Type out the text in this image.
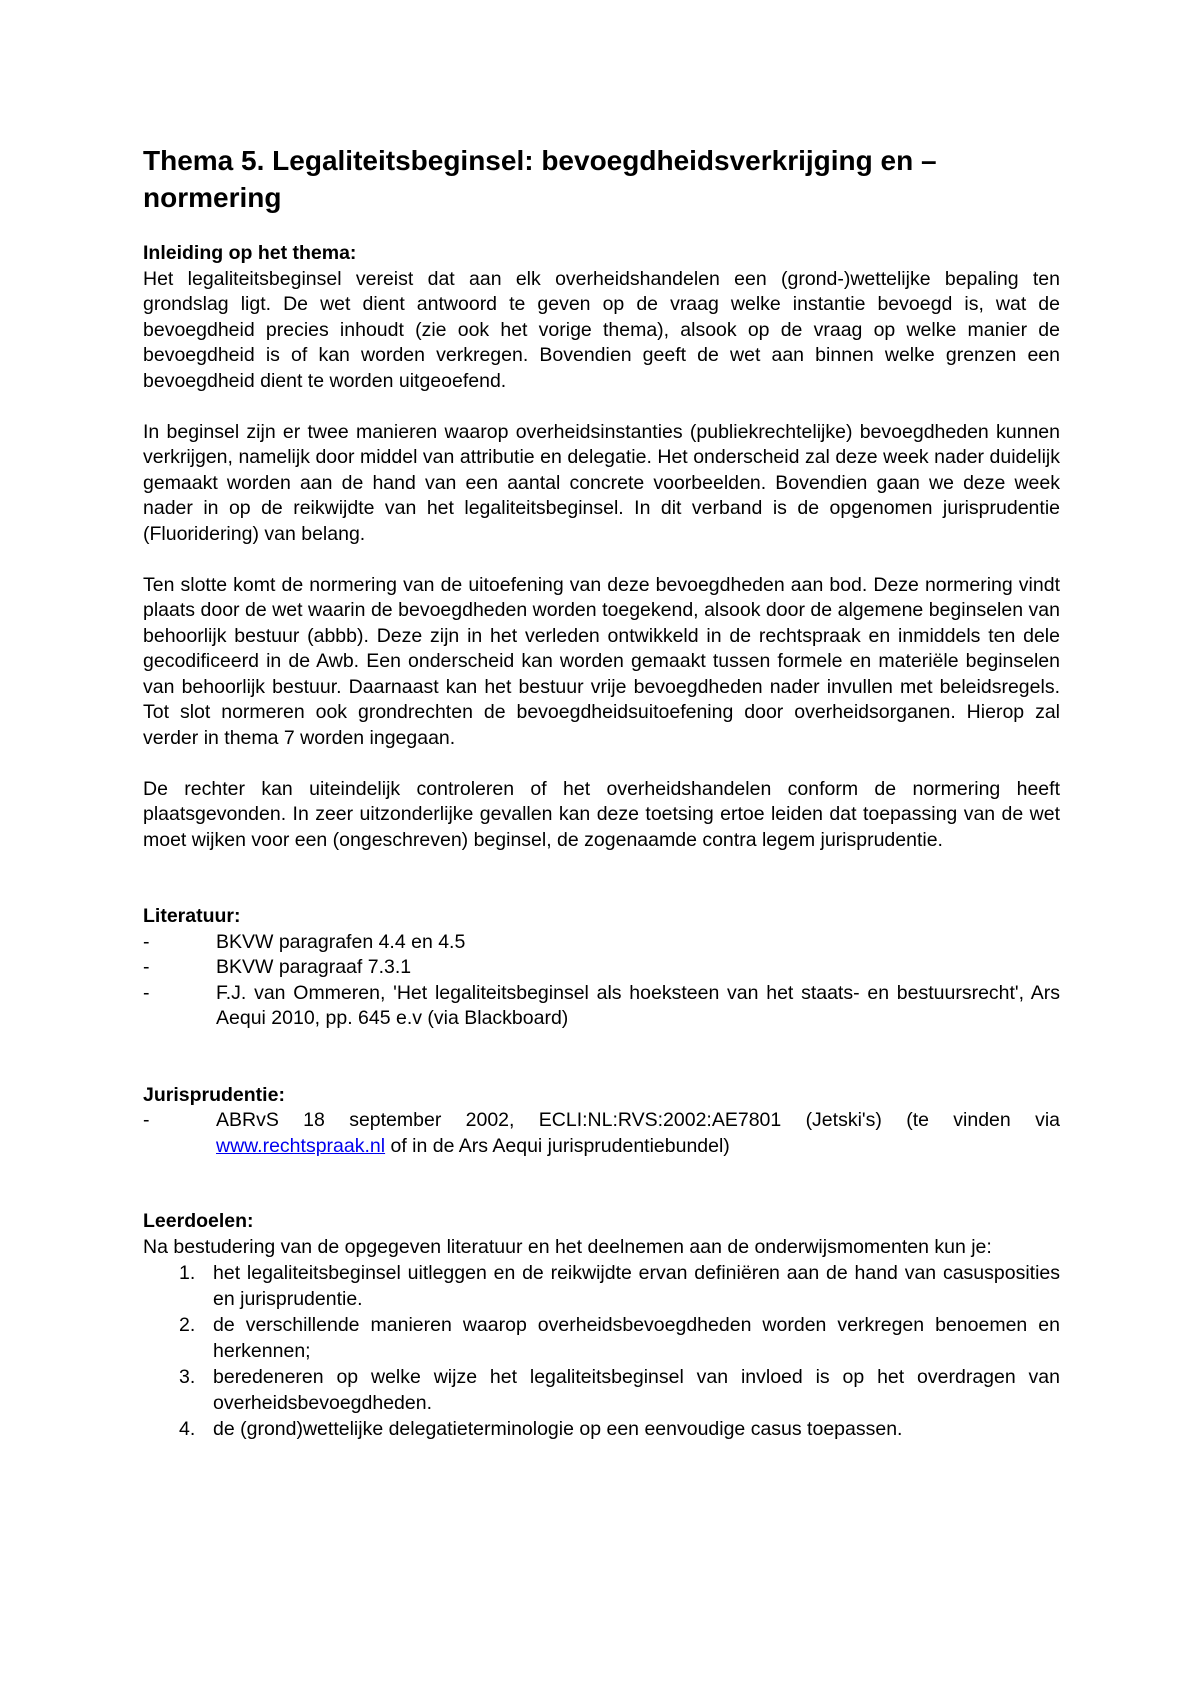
Thema 5. Legaliteitsbeginsel: bevoegdheidsverkrijging en – normering
Inleiding op het thema:

Het legaliteitsbeginsel vereist dat aan elk overheidshandelen een (grond-)wettelijke bepaling ten grondslag ligt. De wet dient antwoord te geven op de vraag welke instantie bevoegd is, wat de bevoegdheid precies inhoudt (zie ook het vorige thema), alsook op de vraag op welke manier de bevoegdheid is of kan worden verkregen. Bovendien geeft de wet aan binnen welke grenzen een bevoegdheid dient te worden uitgeoefend.

In beginsel zijn er twee manieren waarop overheidsinstanties (publiekrechtelijke) bevoegdheden kunnen verkrijgen, namelijk door middel van attributie en delegatie. Het onderscheid zal deze week nader duidelijk gemaakt worden aan de hand van een aantal concrete voorbeelden. Bovendien gaan we deze week nader in op de reikwijdte van het legaliteitsbeginsel. In dit verband is de opgenomen jurisprudentie (Fluoridering) van belang.

Ten slotte komt de normering van de uitoefening van deze bevoegdheden aan bod. Deze normering vindt plaats door de wet waarin de bevoegdheden worden toegekend, alsook door de algemene beginselen van behoorlijk bestuur (abbb). Deze zijn in het verleden ontwikkeld in de rechtspraak en inmiddels ten dele gecodificeerd in de Awb. Een onderscheid kan worden gemaakt tussen formele en materiële beginselen van behoorlijk bestuur. Daarnaast kan het bestuur vrije bevoegdheden nader invullen met beleidsregels. Tot slot normeren ook grondrechten de bevoegdheidsuitoefening door overheidsorganen. Hierop zal verder in thema 7 worden ingegaan.

De rechter kan uiteindelijk controleren of het overheidshandelen conform de normering heeft plaatsgevonden. In zeer uitzonderlijke gevallen kan deze toetsing ertoe leiden dat toepassing van de wet moet wijken voor een (ongeschreven) beginsel, de zogenaamde contra legem jurisprudentie.

Literatuur:
-	BKVW paragrafen 4.4 en 4.5
-	BKVW paragraaf 7.3.1
-	F.J. van Ommeren, 'Het legaliteitsbeginsel als hoeksteen van het staats- en bestuursrecht', Ars Aequi 2010, pp. 645 e.v (via Blackboard)
Jurisprudentie:
-	ABRvS 18 september 2002, ECLI:NL:RVS:2002:AE7801 (Jetski's) (te vinden via www.rechtspraak.nl of in de Ars Aequi jurisprudentiebundel)
Leerdoelen:

Na bestudering van de opgegeven literatuur en het deelnemen aan de onderwijsmomenten kun je:

1. het legaliteitsbeginsel uitleggen en de reikwijdte ervan definiëren aan de hand van casusposities en jurisprudentie.
2. de verschillende manieren waarop overheidsbevoegdheden worden verkregen benoemen en herkennen;
3. beredeneren op welke wijze het legaliteitsbeginsel van invloed is op het overdragen van overheidsbevoegdheden.
4. de (grond)wettelijke delegatieterminologie op een eenvoudige casus toepassen.
